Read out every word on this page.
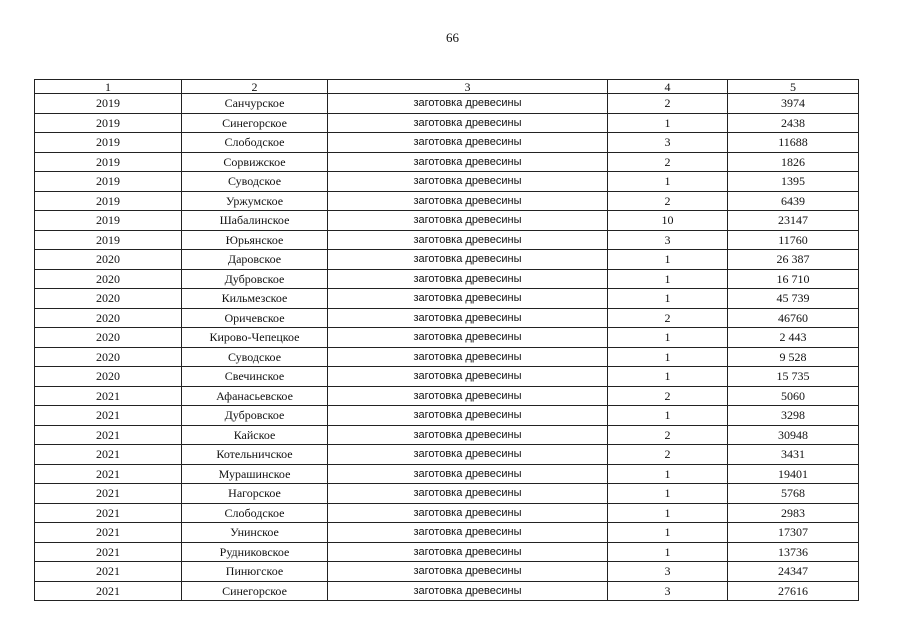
66
1	2	3	4	5
2019	Санчурское	заготовка древесины	2	3974
2019	Синегорское	заготовка древесины	1	2438
2019	Слободское	заготовка древесины	3	11688
2019	Сорвижское	заготовка древесины	2	1826
2019	Суводское	заготовка древесины	1	1395
2019	Уржумское	заготовка древесины	2	6439
2019	Шабалинское	заготовка древесины	10	23147
2019	Юрьянское	заготовка древесины	3	11760
2020	Даровское	заготовка древесины	1	26 387
2020	Дубровское	заготовка древесины	1	16 710
2020	Кильмезское	заготовка древесины	1	45 739
2020	Оричевское	заготовка древесины	2	46760
2020	Кирово-Чепецкое	заготовка древесины	1	2 443
2020	Суводское	заготовка древесины	1	9 528
2020	Свечинское	заготовка древесины	1	15 735
2021	Афанасьевское	заготовка древесины	2	5060
2021	Дубровское	заготовка древесины	1	3298
2021	Кайское	заготовка древесины	2	30948
2021	Котельничское	заготовка древесины	2	3431
2021	Мурашинское	заготовка древесины	1	19401
2021	Нагорское	заготовка древесины	1	5768
2021	Слободское	заготовка древесины	1	2983
2021	Унинское	заготовка древесины	1	17307
2021	Рудниковское	заготовка древесины	1	13736
2021	Пинюгское	заготовка древесины	3	24347
2021	Синегорское	заготовка древесины	3	27616
